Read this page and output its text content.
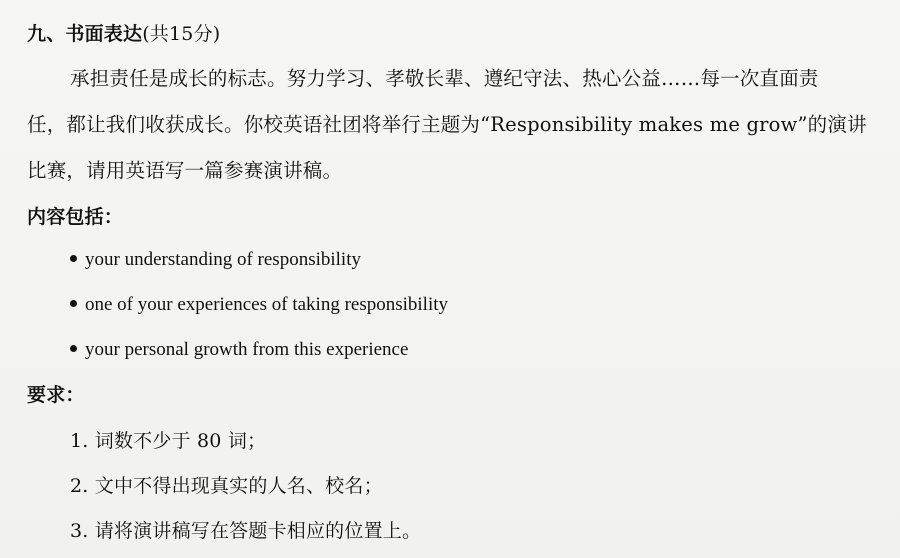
九、书面表达(共15分)
承担责任是成长的标志。努力学习、孝敬长辈、遵纪守法、热心公益……每一次直面责
任，都让我们收获成长。你校英语社团将举行主题为“Responsibility makes me grow”的演讲
比赛，请用英语写一篇参赛演讲稿。
内容包括：
your understanding of responsibility
one of your experiences of taking responsibility
your personal growth from this experience
要求：
1. 词数不少于 80 词；
2. 文中不得出现真实的人名、校名；
3. 请将演讲稿写在答题卡相应的位置上。
